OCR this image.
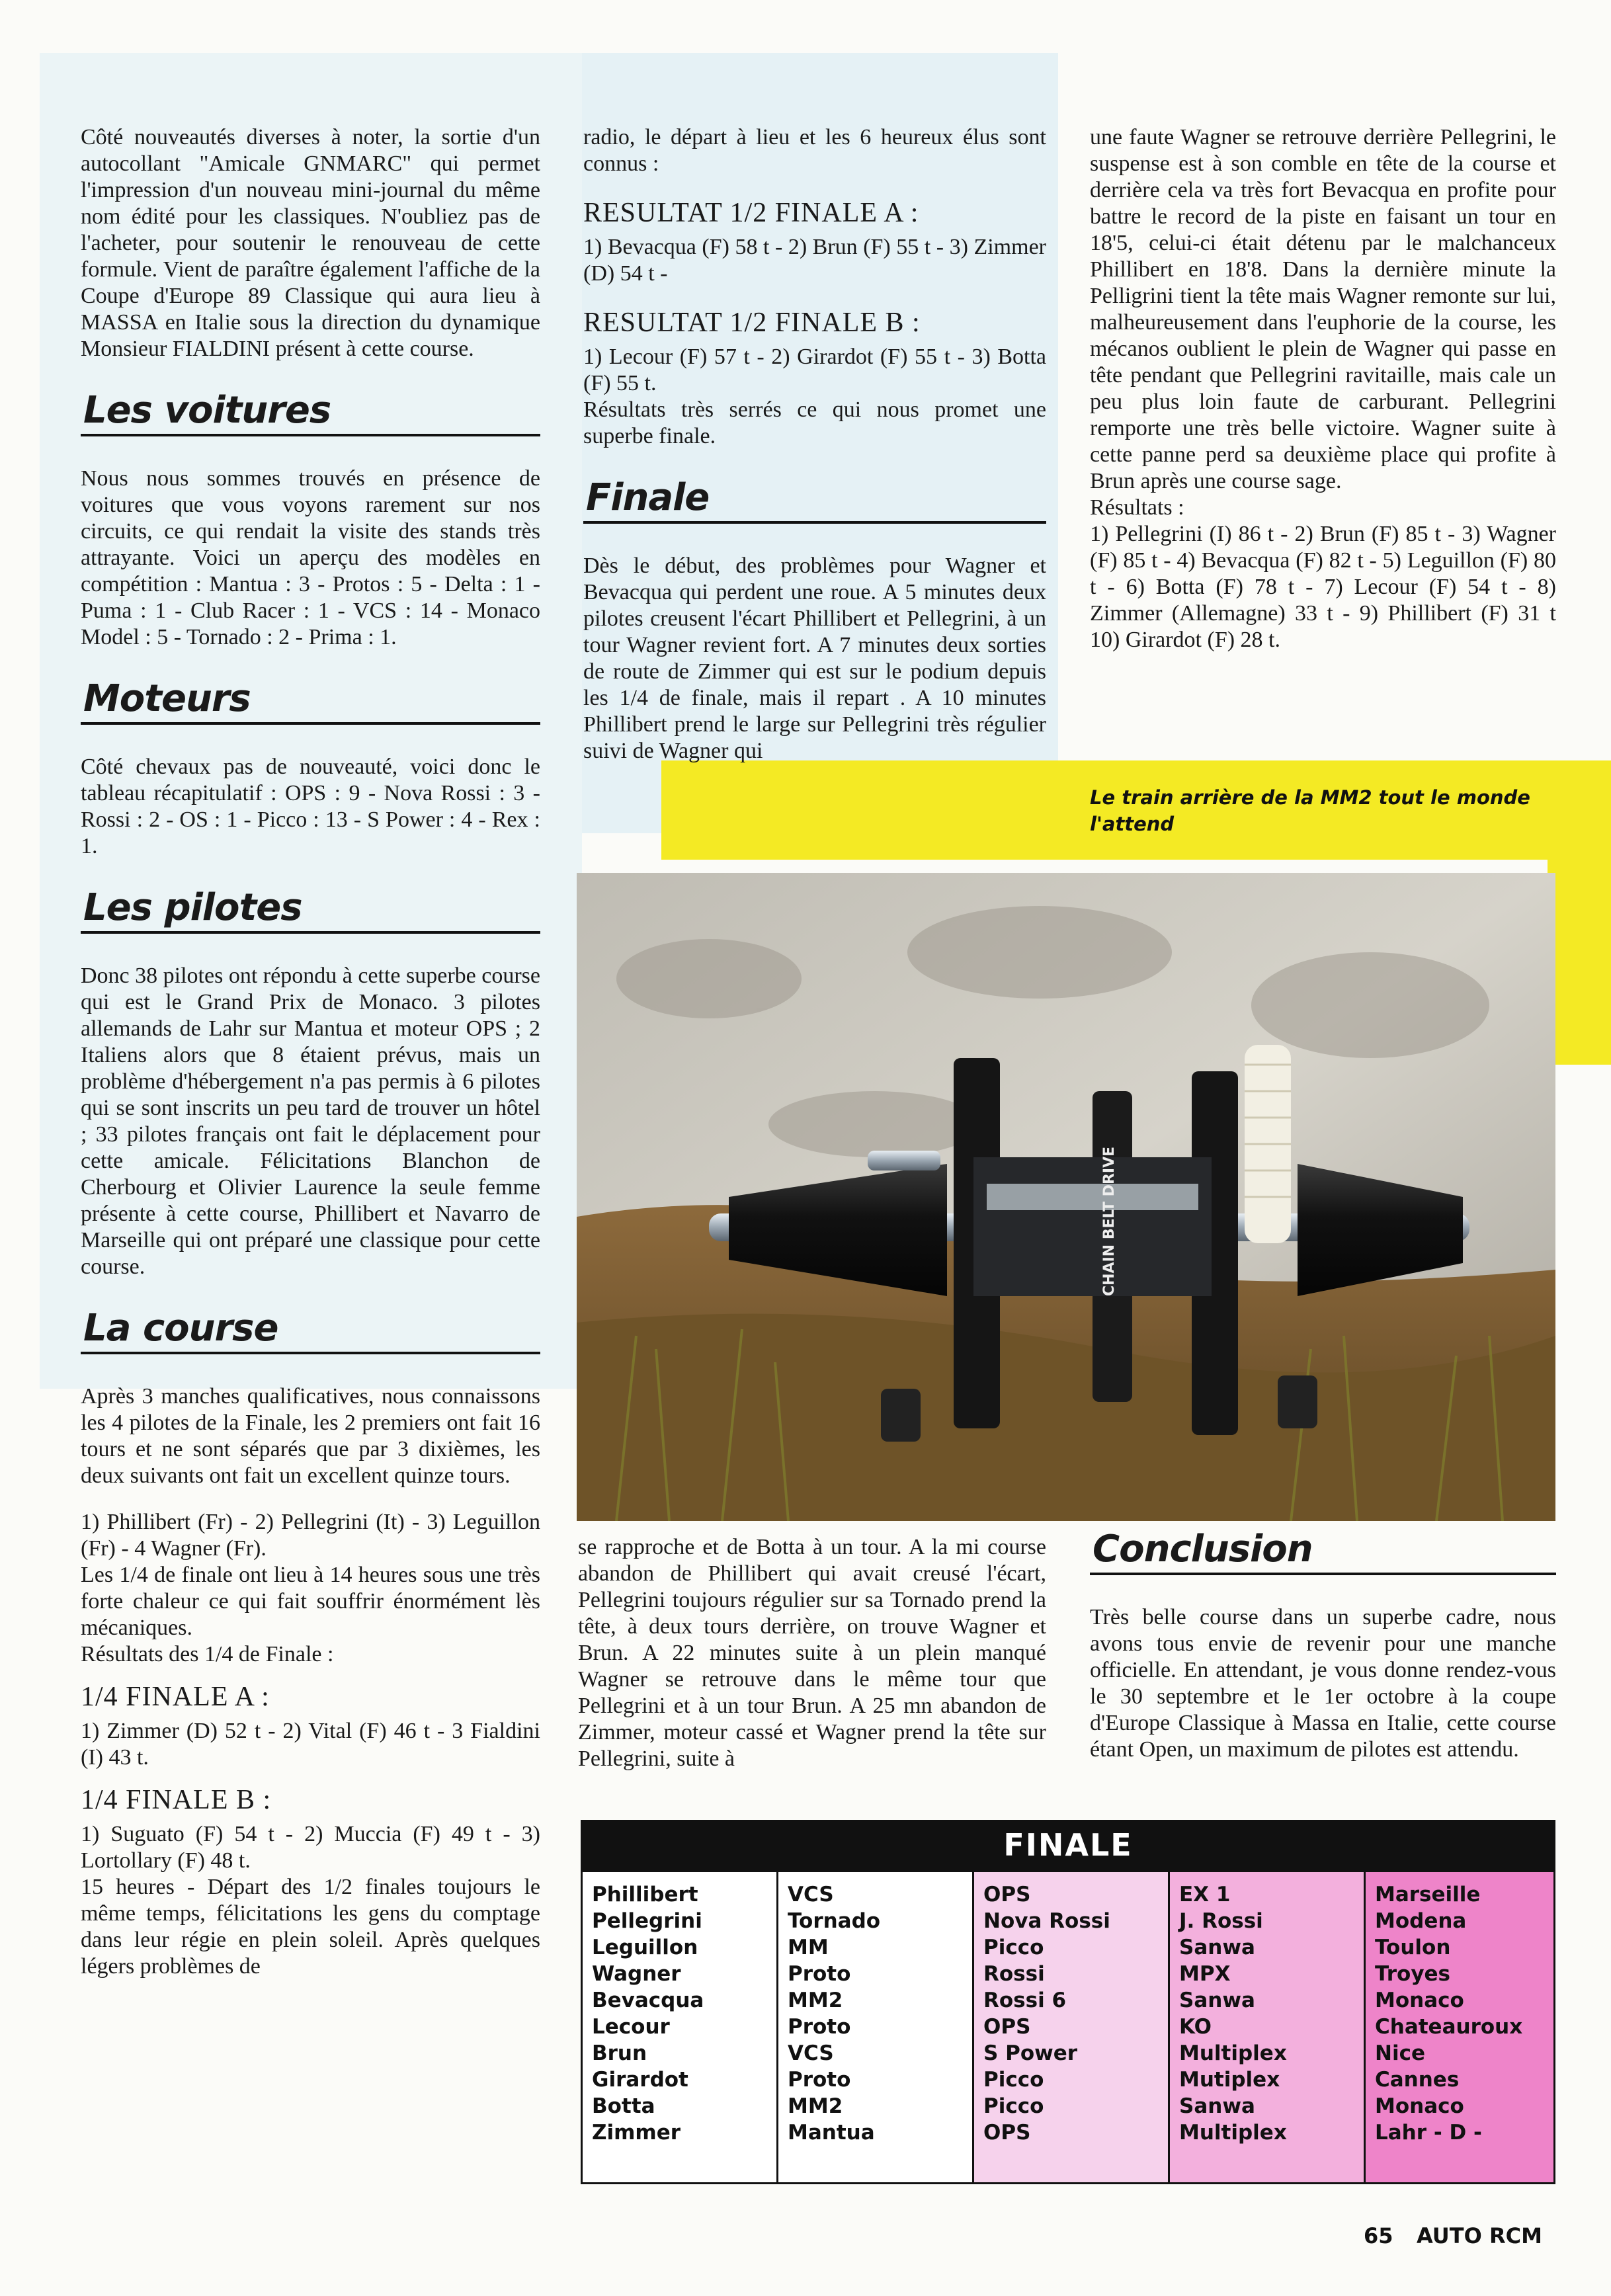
Côté nouveautés diverses à noter, la sortie d'un autocollant "Amicale GNMARC" qui permet l'impression d'un nouveau mini-journal du même nom édité pour les classiques. N'oubliez pas de l'acheter, pour soutenir le renouveau de cette formule. Vient de paraître également l'affiche de la Coupe d'Europe 89 Classique qui aura lieu à MASSA en Italie sous la direction du dynamique Monsieur FIALDINI présent à cette course.

Les voitures

Nous nous sommes trouvés en présence de voitures que vous voyons rarement sur nos circuits, ce qui rendait la visite des stands très attrayante. Voici un aperçu des modèles en compétition : Mantua : 3 - Protos : 5 - Delta : 1 - Puma : 1 - Club Racer : 1 - VCS : 14 - Monaco Model : 5 - Tornado : 2 - Prima : 1.

Moteurs

Côté chevaux pas de nouveauté, voici donc le tableau récapitulatif : OPS : 9 - Nova Rossi : 3 - Rossi : 2 - OS : 1 - Picco : 13 - S Power : 4 - Rex : 1.

Les pilotes

Donc 38 pilotes ont répondu à cette superbe course qui est le Grand Prix de Monaco. 3 pilotes allemands de Lahr sur Mantua et moteur OPS ; 2 Italiens alors que 8 étaient prévus, mais un problème d'hébergement n'a pas permis à 6 pilotes qui se sont inscrits un peu tard de trouver un hôtel ; 33 pilotes français ont fait le déplacement pour cette amicale. Félicitations Blanchon de Cherbourg et Olivier Laurence la seule femme présente à cette course, Phillibert et Navarro de Marseille qui ont préparé une classique pour cette course.

La course

Après 3 manches qualificatives, nous connaissons les 4 pilotes de la Finale, les 2 premiers ont fait 16 tours et ne sont séparés que par 3 dixièmes, les deux suivants ont fait un excellent quinze tours.

1) Phillibert (Fr) - 2) Pellegrini (It) - 3) Leguillon (Fr) - 4 Wagner (Fr).

Les 1/4 de finale ont lieu à 14 heures sous une très forte chaleur ce qui fait souffrir énormément lès mécaniques.

Résultats des 1/4 de Finale :

1/4 FINALE A :

1) Zimmer (D) 52 t - 2) Vital (F) 46 t - 3 Fialdini (I) 43 t.

1/4 FINALE B :

1) Suguato (F) 54 t - 2) Muccia (F) 49 t - 3) Lortollary (F) 48 t.

15 heures - Départ des 1/2 finales toujours le même temps, félicitations les gens du comptage dans leur régie en plein soleil. Après quelques légers problèmes de

radio, le départ à lieu et les 6 heureux élus sont connus :

RESULTAT 1/2 FINALE A :

1) Bevacqua (F) 58 t - 2) Brun (F) 55 t - 3) Zimmer (D) 54 t -

RESULTAT 1/2 FINALE B :

1) Lecour (F) 57 t - 2) Girardot (F) 55 t - 3) Botta (F) 55 t.

Résultats très serrés ce qui nous promet une superbe finale.

Finale

Dès le début, des problèmes pour Wagner et Bevacqua qui perdent une roue. A 5 minutes deux pilotes creusent l'écart Phillibert et Pellegrini, à un tour Wagner revient fort. A 7 minutes deux sorties de route de Zimmer qui est sur le podium depuis les 1/4 de finale, mais il repart . A 10 minutes Phillibert prend le large sur Pellegrini très régulier suivi de Wagner qui

une faute Wagner se retrouve derrière Pellegrini, le suspense est à son comble en tête de la course et derrière cela va très fort Bevacqua en profite pour battre le record de la piste en faisant un tour en 18'5, celui-ci était détenu par le malchanceux Phillibert en 18'8. Dans la dernière minute la Pelligrini tient la tête mais Wagner remonte sur lui, malheureusement dans l'euphorie de la course, les mécanos oublient le plein de Wagner qui passe en tête pendant que Pellegrini ravitaille, mais cale un peu plus loin faute de carburant. Pellegrini remporte une très belle victoire. Wagner suite à cette panne perd sa deuxième place qui profite à Brun après une course sage.

Résultats :

1) Pellegrini (I) 86 t - 2) Brun (F) 85 t - 3) Wagner (F) 85 t - 4) Bevacqua (F) 82 t - 5) Leguillon (F) 80 t - 6) Botta (F) 78 t - 7) Lecour (F) 54 t - 8) Zimmer (Allemagne) 33 t - 9) Phillibert (F) 31 t 10) Girardot (F) 28 t.

Le train arrière de la MM2 tout le monde l'attend
CHAIN BELT DRIVE

se rapproche et de Botta à un tour. A la mi course abandon de Phillibert qui avait creusé l'écart, Pellegrini toujours régulier sur sa Tornado prend la tête, à deux tours derrière, on trouve Wagner et Brun. A 22 minutes suite à un plein manqué Wagner se retrouve dans le même tour que Pellegrini et à un tour Brun. A 25 mn abandon de Zimmer, moteur cassé et Wagner prend la tête sur Pellegrini, suite à

Conclusion

Très belle course dans un superbe cadre, nous avons tous envie de revenir pour une manche officielle. En attendant, je vous donne rendez-vous le 30 septembre et le 1er octobre à la coupe d'Europe Classique à Massa en Italie, cette course étant Open, un maximum de pilotes est attendu.

FINALE
Phillibert
Pellegrini
Leguillon
Wagner
Bevacqua
Lecour
Brun
Girardot
Botta
Zimmer
VCS
Tornado
MM
Proto
MM2
Proto
VCS
Proto
MM2
Mantua
OPS
Nova Rossi
Picco
Rossi
Rossi 6
OPS
S Power
Picco
Picco
OPS
EX 1
J. Rossi
Sanwa
MPX
Sanwa
KO
Multiplex
Mutiplex
Sanwa
Multiplex
Marseille
Modena
Toulon
Troyes
Monaco
Chateauroux
Nice
Cannes
Monaco
Lahr - D -
65 AUTO RCM
